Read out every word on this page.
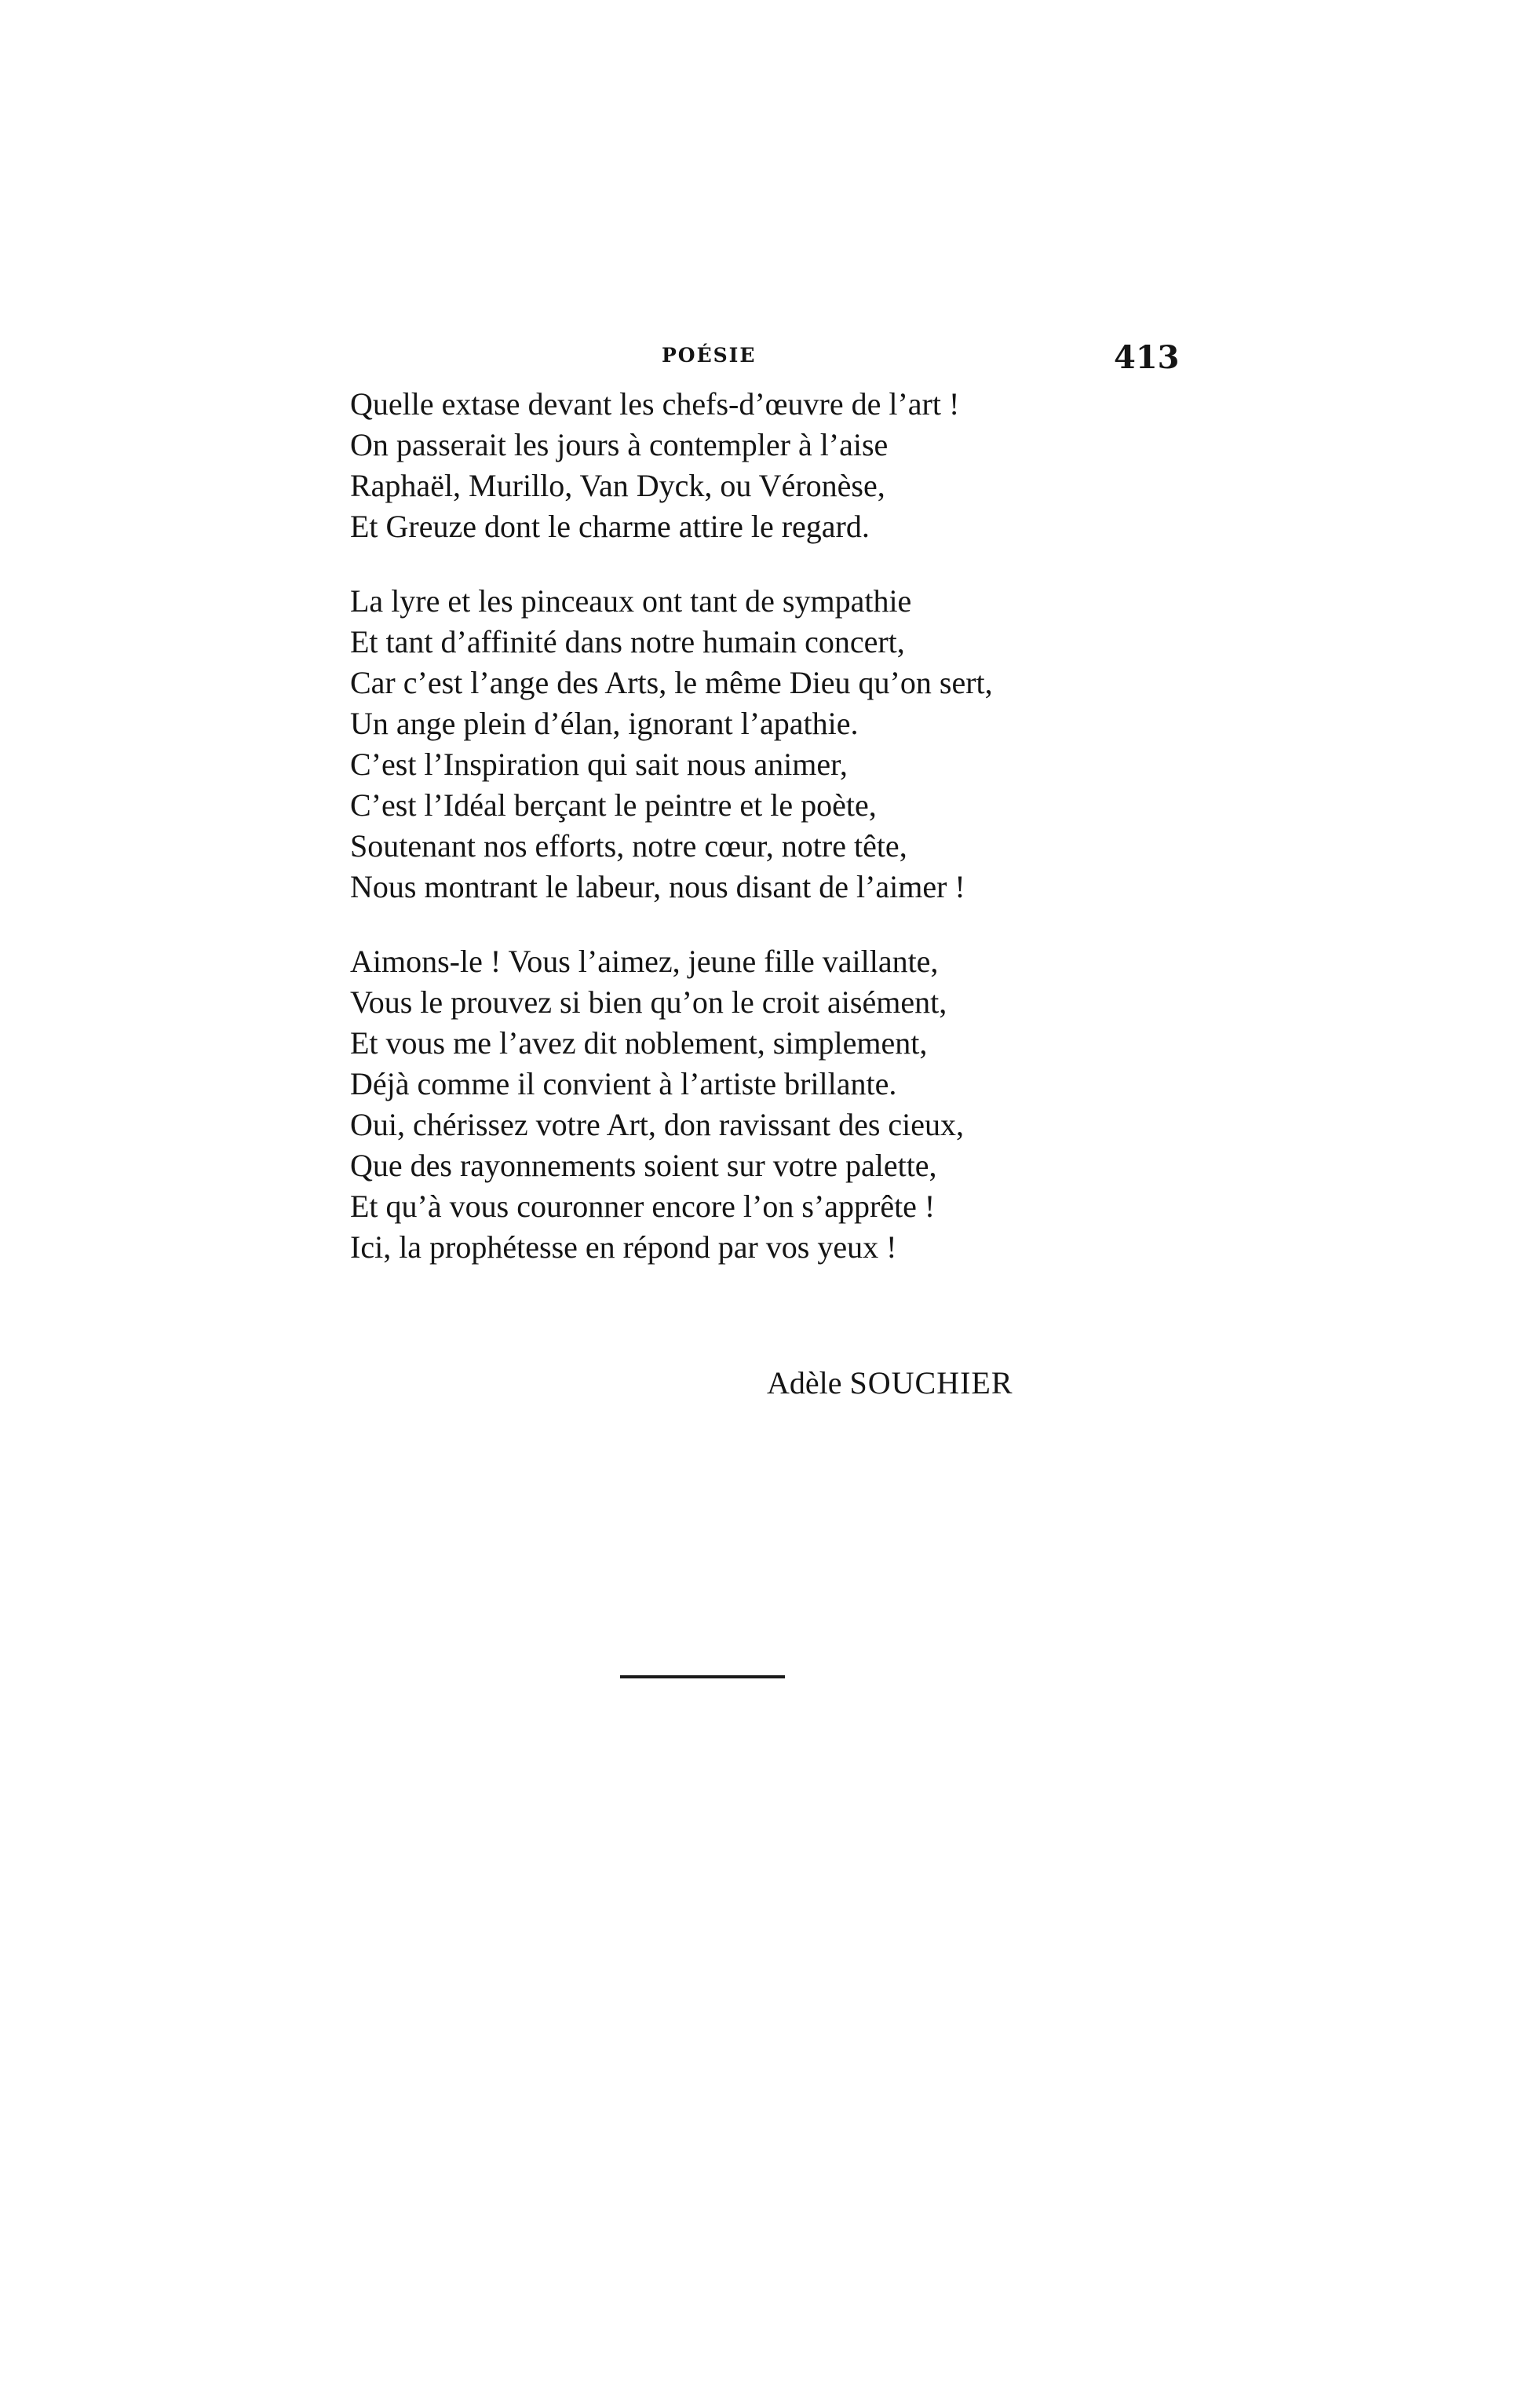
POÉSIE	413
Quelle extase devant les chefs-d’œuvre de l’art !
On passerait les jours à contempler à l’aise
Raphaël, Murillo, Van Dyck, ou Véronèse,
Et Greuze dont le charme attire le regard.
La lyre et les pinceaux ont tant de sympathie
Et tant d’affinité dans notre humain concert,
Car c’est l’ange des Arts, le même Dieu qu’on sert,
Un ange plein d’élan, ignorant l’apathie.
C’est l’Inspiration qui sait nous animer,
C’est l’Idéal berçant le peintre et le poète,
Soutenant nos efforts, notre cœur, notre tête,
Nous montrant le labeur, nous disant de l’aimer !
Aimons-le ! Vous l’aimez, jeune fille vaillante,
Vous le prouvez si bien qu’on le croit aisément,
Et vous me l’avez dit noblement, simplement,
Déjà comme il convient à l’artiste brillante.
Oui, chérissez votre Art, don ravissant des cieux,
Que des rayonnements soient sur votre palette,
Et qu’à vous couronner encore l’on s’apprête !
Ici, la prophétesse en répond par vos yeux !
Adèle SOUCHIER
